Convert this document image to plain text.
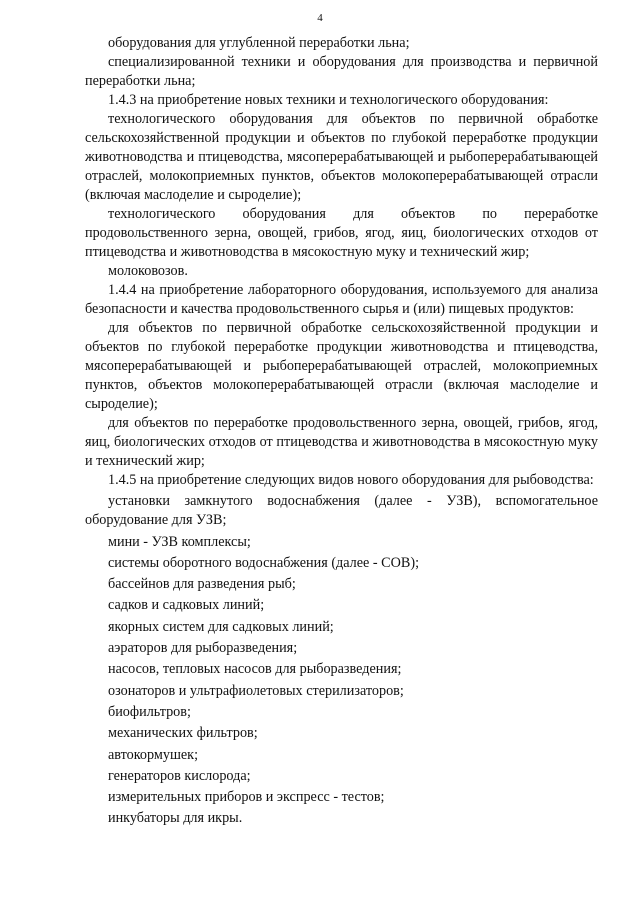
4

оборудования для углубленной переработки льна;

специализированной техники и оборудования для производства и первичной переработки льна;

1.4.3 на приобретение новых техники и технологического оборудования:

технологического оборудования для объектов по первичной обработке сельскохозяйственной продукции и объектов по глубокой переработке продукции животноводства и птицеводства, мясоперерабатывающей и рыбоперерабатывающей отраслей, молокоприемных пунктов, объектов молокоперерабатывающей отрасли (включая маслоделие и сыроделие);

технологического оборудования для объектов по переработке продовольственного зерна, овощей, грибов, ягод, яиц, биологических отходов от птицеводства и животноводства в мясокостную муку и технический жир;

молоковозов.

1.4.4 на приобретение лабораторного оборудования, используемого для анализа безопасности и качества продовольственного сырья и (или) пищевых продуктов:

для объектов по первичной обработке сельскохозяйственной продукции и объектов по глубокой переработке продукции животноводства и птицеводства, мясоперерабатывающей и рыбоперерабатывающей отраслей, молокоприемных пунктов, объектов молокоперерабатывающей отрасли (включая маслоделие и сыроделие);

для объектов по переработке продовольственного зерна, овощей, грибов, ягод, яиц, биологических отходов от птицеводства и животноводства в мясокостную муку и технический жир;

1.4.5 на приобретение следующих видов нового оборудования для рыбоводства:

установки замкнутого водоснабжения (далее - УЗВ), вспомогательное оборудование для УЗВ;

мини - УЗВ комплексы;

системы оборотного водоснабжения (далее - СОВ);

бассейнов для разведения рыб;

садков и садковых линий;

якорных систем для садковых линий;

аэраторов для рыборазведения;

насосов, тепловых насосов для рыборазведения;

озонаторов и ультрафиолетовых стерилизаторов;

биофильтров;

механических фильтров;

автокормушек;

генераторов кислорода;

измерительных приборов и экспресс - тестов;

инкубаторы для икры.
